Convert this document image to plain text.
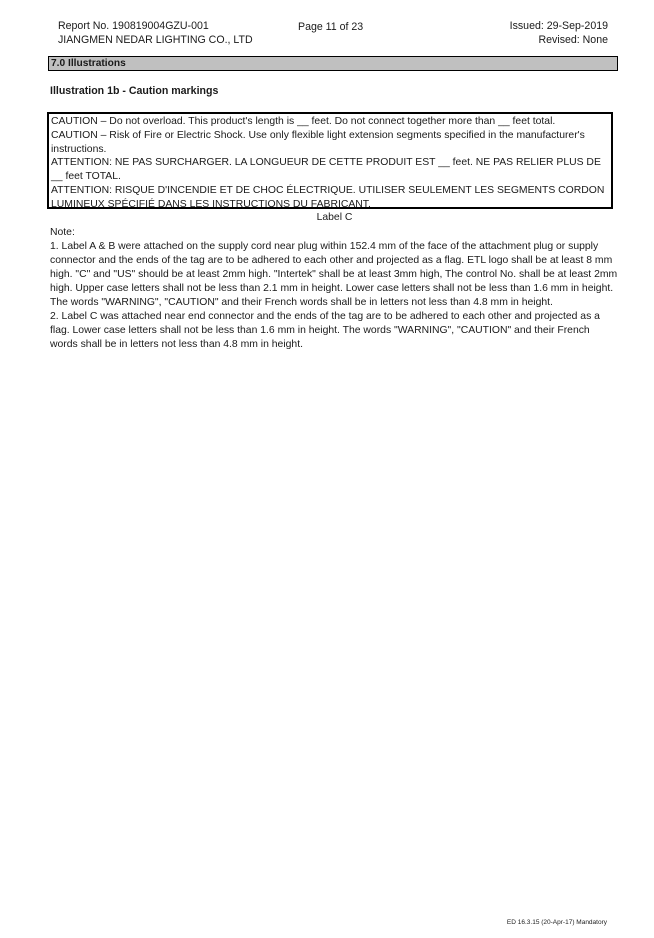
Report No. 190819004GZU-001
JIANGMEN NEDAR LIGHTING CO., LTD
Page 11 of 23	Issued: 29-Sep-2019
Revised: None
7.0 Illustrations
Illustration 1b - Caution markings

CAUTION – Do not overload. This product's length is __ feet. Do not connect together more than __ feet total.

CAUTION – Risk of Fire or Electric Shock. Use only flexible light extension segments specified in the manufacturer's instructions.

ATTENTION: NE PAS SURCHARGER. LA LONGUEUR DE CETTE PRODUIT EST __ feet. NE PAS RELIER PLUS DE __ feet TOTAL.

ATTENTION: RISQUE D'INCENDIE ET DE CHOC ÉLECTRIQUE. UTILISER SEULEMENT LES SEGMENTS CORDON LUMINEUX SPÉCIFIÉ DANS LES INSTRUCTIONS DU FABRICANT.

Label C

Note:

1. Label A & B were attached on the supply cord near plug within 152.4 mm of the face of the attachment plug or supply connector and the ends of the tag are to be adhered to each other and projected as a flag. ETL logo shall be at least 8 mm high. "C" and "US" should be at least 2mm high. "Intertek" shall be at least 3mm high, The control No. shall be at least 2mm high. Upper case letters shall not be less than 2.1 mm in height. Lower case letters shall not be less than 1.6 mm in height. The words "WARNING", "CAUTION" and their French words shall be in letters not less than 4.8 mm in height.

2. Label C was attached near end connector and the ends of the tag are to be adhered to each other and projected as a flag. Lower case letters shall not be less than 1.6 mm in height. The words "WARNING", "CAUTION" and their French words shall be in letters not less than 4.8 mm in height.

ED 16.3.15 (20-Apr-17) Mandatory
